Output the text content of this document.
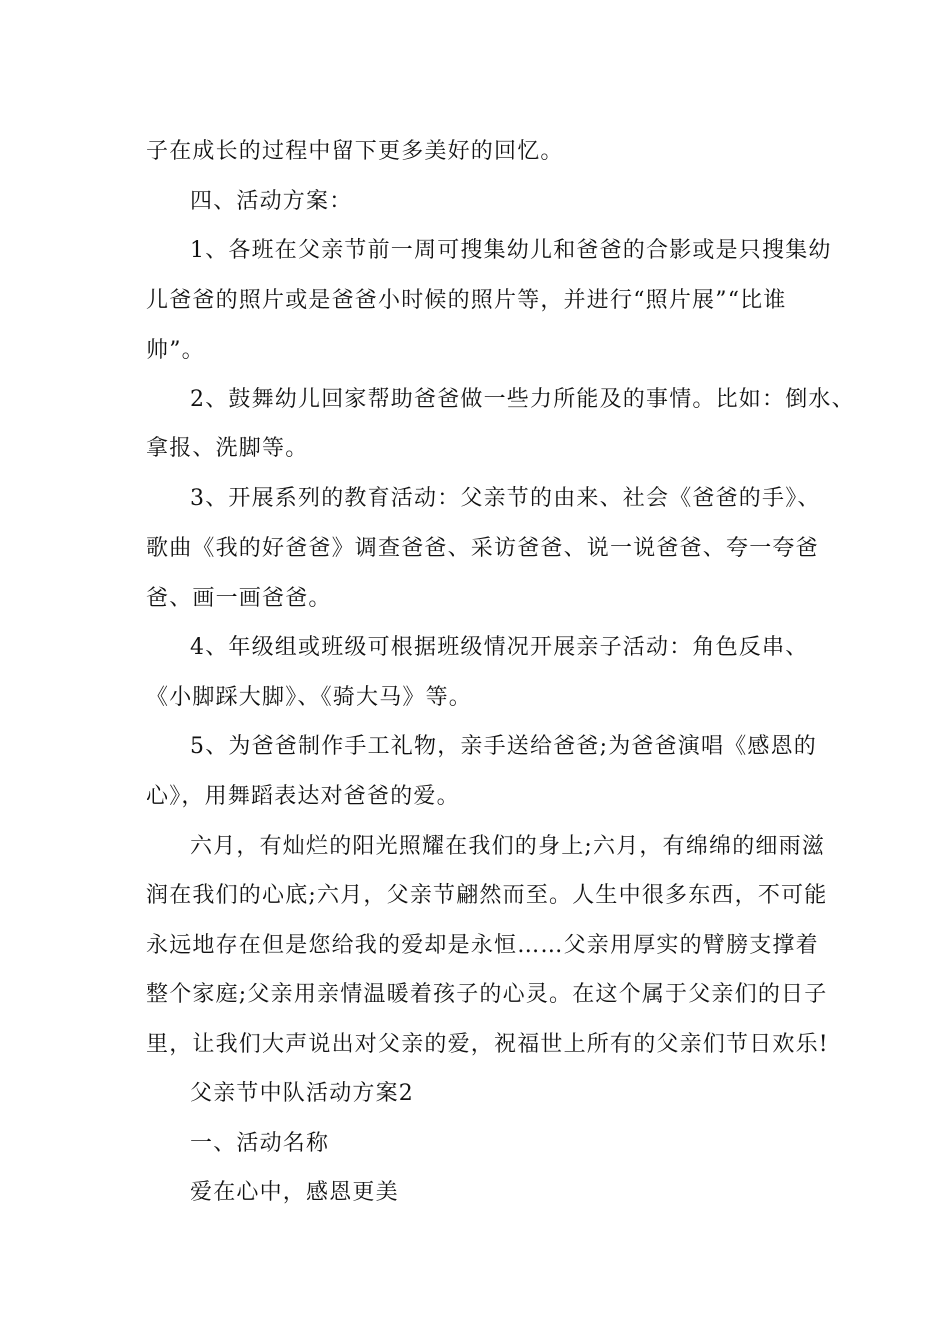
子在成长的过程中留下更多美好的回忆。
四、活动方案：
1、各班在父亲节前一周可搜集幼儿和爸爸的合影或是只搜集幼
儿爸爸的照片或是爸爸小时候的照片等，并进行“照片展”“比谁
帅”。
2、鼓舞幼儿回家帮助爸爸做一些力所能及的事情。比如：倒水、
拿报、洗脚等。
3、开展系列的教育活动：父亲节的由来、社会《爸爸的手》、
歌曲《我的好爸爸》调查爸爸、采访爸爸、说一说爸爸、夸一夸爸
爸、画一画爸爸。
4、年级组或班级可根据班级情况开展亲子活动：角色反串、
《小脚踩大脚》、《骑大马》等。
5、为爸爸制作手工礼物，亲手送给爸爸;为爸爸演唱《感恩的
心》，用舞蹈表达对爸爸的爱。
六月，有灿烂的阳光照耀在我们的身上;六月，有绵绵的细雨滋
润在我们的心底;六月，父亲节翩然而至。人生中很多东西，不可能
永远地存在但是您给我的爱却是永恒……父亲用厚实的臂膀支撑着
整个家庭;父亲用亲情温暖着孩子的心灵。在这个属于父亲们的日子
里，让我们大声说出对父亲的爱，祝福世上所有的父亲们节日欢乐!
父亲节中队活动方案2
一、活动名称
爱在心中，感恩更美
